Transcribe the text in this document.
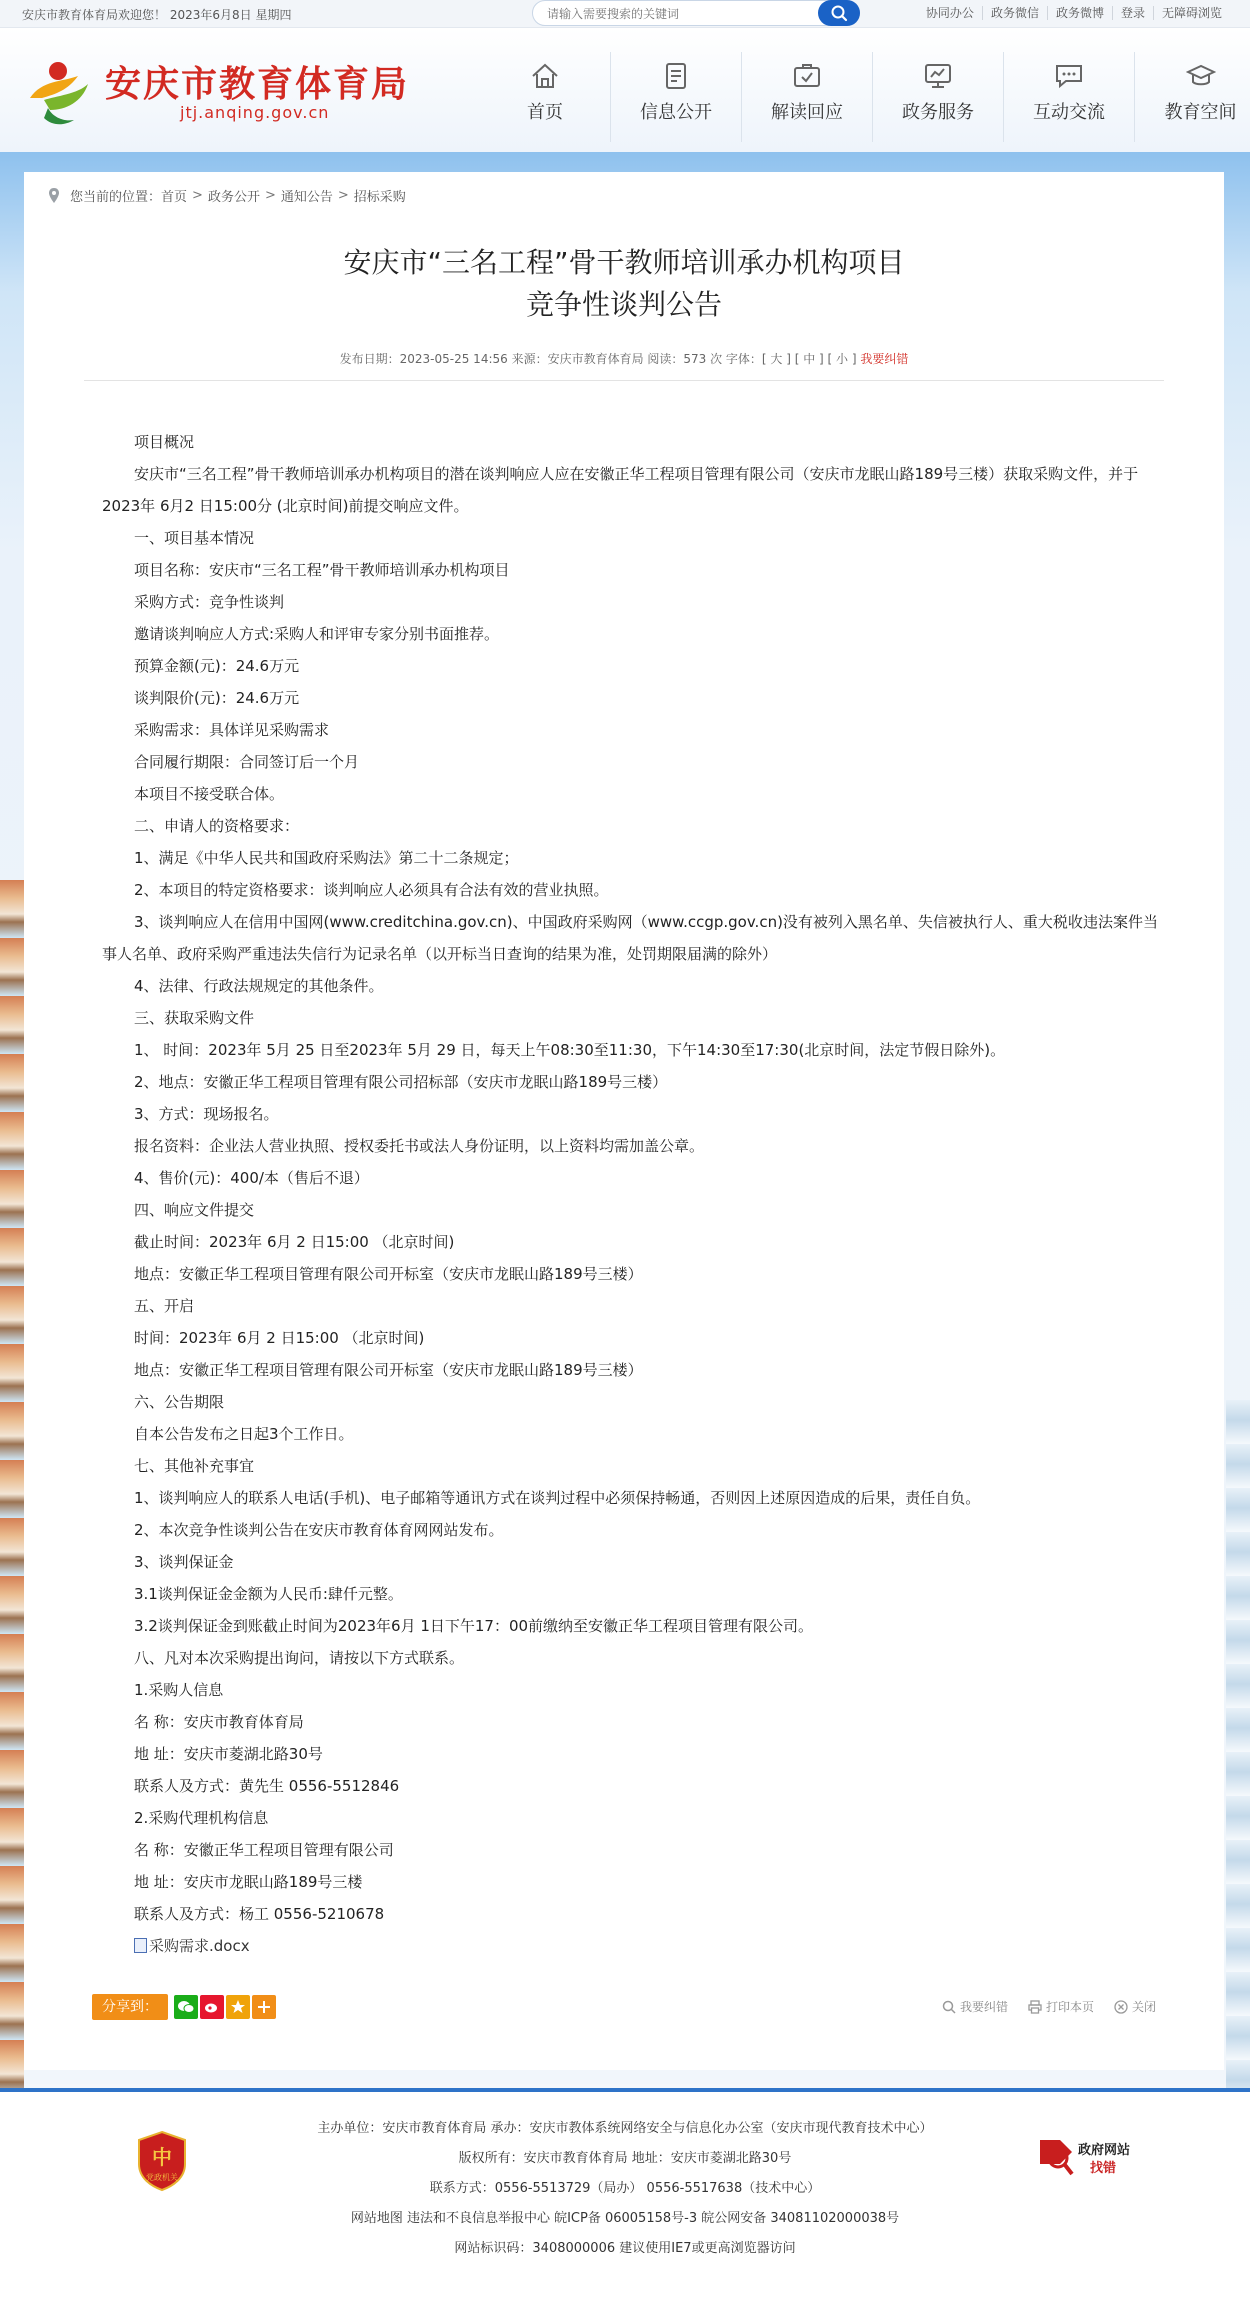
安庆市教育体育局欢迎您！ 2023年6月8日 星期四
请输入需要搜索的关键词	协同办公	政务微信	政务微博	登录	无障碍浏览
安庆市教育体育局
jtj.anqing.gov.cn	首页	信息公开	解读回应	政务服务	互动交流	教育空间
您当前的位置： 首页 > 政务公开 > 通知公告 > 招标采购
安庆市“三名工程”骨干教师培训承办机构项目
竞争性谈判公告
发布日期：2023-05-25 14:56 来源：安庆市教育体育局 阅读：573 次 字体：[ 大 ] [ 中 ] [ 小 ] 我要纠错

项目概况

安庆市“三名工程”骨干教师培训承办机构项目的潜在谈判响应人应在安徽正华工程项目管理有限公司（安庆市龙眠山路189号三楼）获取采购文件，并于2023年 6月2 日15:00分 (北京时间)前提交响应文件。

一、项目基本情况

项目名称：安庆市“三名工程”骨干教师培训承办机构项目

采购方式：竞争性谈判

邀请谈判响应人方式:采购人和评审专家分别书面推荐。

预算金额(元)：24.6万元

谈判限价(元)：24.6万元

采购需求：具体详见采购需求

合同履行期限：合同签订后一个月

本项目不接受联合体。

二、申请人的资格要求：

1、满足《中华人民共和国政府采购法》第二十二条规定；

2、本项目的特定资格要求：谈判响应人必须具有合法有效的营业执照。

3、谈判响应人在信用中国网(www.creditchina.gov.cn)、中国政府采购网（www.ccgp.gov.cn)没有被列入黑名单、失信被执行人、重大税收违法案件当事人名单、政府采购严重违法失信行为记录名单（以开标当日查询的结果为准，处罚期限届满的除外）

4、法律、行政法规规定的其他条件。

三、获取采购文件

1、 时间：2023年 5月 25 日至2023年 5月 29 日，每天上午08:30至11:30，下午14:30至17:30(北京时间，法定节假日除外)。

2、地点：安徽正华工程项目管理有限公司招标部（安庆市龙眠山路189号三楼）

3、方式：现场报名。

报名资料：企业法人营业执照、授权委托书或法人身份证明，以上资料均需加盖公章。

4、售价(元)：400/本（售后不退）

四、响应文件提交

截止时间：2023年 6月 2 日15:00 （北京时间)

地点：安徽正华工程项目管理有限公司开标室（安庆市龙眠山路189号三楼）

五、开启

时间：2023年 6月 2 日15:00 （北京时间)

地点：安徽正华工程项目管理有限公司开标室（安庆市龙眠山路189号三楼）

六、公告期限

自本公告发布之日起3个工作日。

七、其他补充事宜

1、谈判响应人的联系人电话(手机)、电子邮箱等通讯方式在谈判过程中必须保持畅通，否则因上述原因造成的后果，责任自负。

2、本次竞争性谈判公告在安庆市教育体育网网站发布。

3、谈判保证金

3.1谈判保证金金额为人民币:肆仟元整。

3.2谈判保证金到账截止时间为2023年6月 1日下午17：00前缴纳至安徽正华工程项目管理有限公司。

八、凡对本次采购提出询问，请按以下方式联系。

1.采购人信息

名 称：安庆市教育体育局

地 址：安庆市菱湖北路30号

联系人及方式：黄先生 0556-5512846

2.采购代理机构信息

名 称：安徽正华工程项目管理有限公司

地 址：安庆市龙眠山路189号三楼

联系人及方式：杨工 0556-5210678

采购需求.docx

分享到：	我要纠错	打印本页	关闭
中
党政机关
主办单位：安庆市教育体育局 承办：安庆市教体系统网络安全与信息化办公室（安庆市现代教育技术中心）
版权所有：安庆市教育体育局 地址：安庆市菱湖北路30号
联系方式：0556-5513729（局办） 0556-5517638（技术中心）
网站地图 违法和不良信息举报中心 皖ICP备 06005158号-3 皖公网安备 34081102000038号
网站标识码：3408000006 建议使用IE7或更高浏览器访问
政府网站
找错
